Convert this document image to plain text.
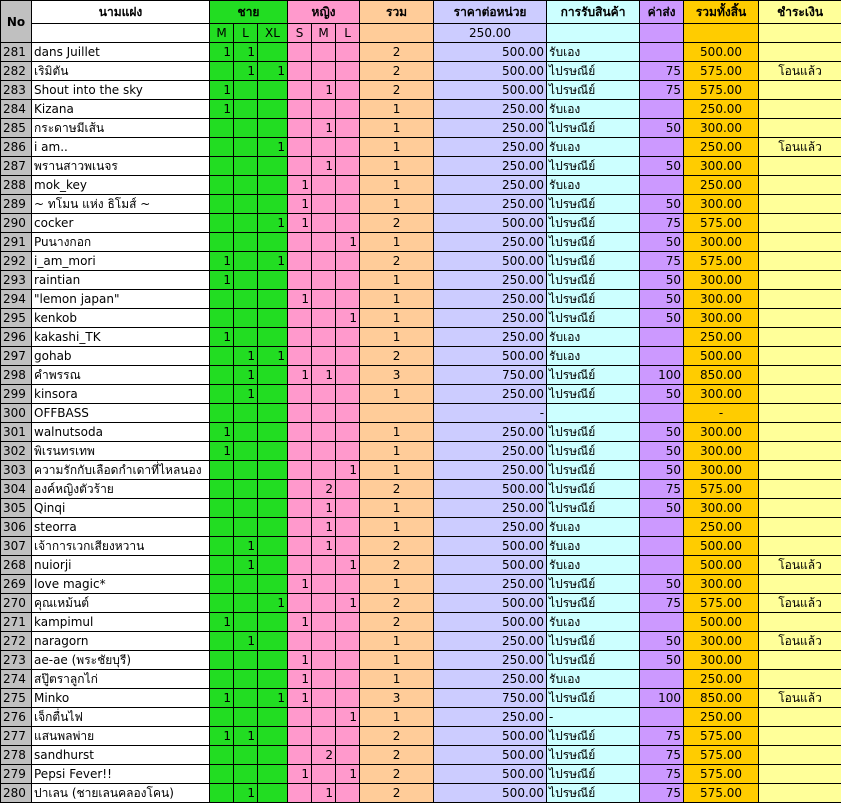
No	นามแฝง	ชาย			หญิง			รวม	ราคาต่อหน่วย	การรับสินค้า	ค่าส่ง	รวมทั้งสิ้น	ชำระเงิน
		M	L	XL	S	M	L		250.00				
281	dans Juillet	1	1					2	500.00	รับเอง		500.00	
282	เริมิตัน		1	1				2	500.00	ไปรษณีย์	75	575.00	โอนแล้ว
283	Shout into the sky	1				1		2	500.00	ไปรษณีย์	75	575.00	
284	Kizana	1						1	250.00	รับเอง		250.00	
285	กระดาษมีเส้น					1		1	250.00	ไปรษณีย์	50	300.00	
286	i am..			1				1	250.00	รับเอง		250.00	โอนแล้ว
287	พรานสาวพเนจร					1		1	250.00	ไปรษณีย์	50	300.00	
288	mok_key				1			1	250.00	รับเอง		250.00	
289	~ ทโมน แห่ง ธิโมส์ ~				1			1	250.00	ไปรษณีย์	50	300.00	
290	cocker			1	1			2	500.00	ไปรษณีย์	75	575.00	
291	Puนางกอก						1	1	250.00	ไปรษณีย์	50	300.00	
292	i_am_mori	1		1				2	500.00	ไปรษณีย์	75	575.00	
293	raintian	1						1	250.00	ไปรษณีย์	50	300.00	
294	"lemon japan"				1			1	250.00	ไปรษณีย์	50	300.00	
295	kenkob						1	1	250.00	ไปรษณีย์	50	300.00	
296	kakashi_TK	1						1	250.00	รับเอง		250.00	
297	gohab		1	1				2	500.00	รับเอง		500.00	
298	คำพรรณ		1		1	1		3	750.00	ไปรษณีย์	100	850.00	
299	kinsora		1					1	250.00	ไปรษณีย์	50	300.00	
300	OFFBASS								-			-	
301	walnutsoda	1						1	250.00	ไปรษณีย์	50	300.00	
302	พิเรนทรเทพ	1						1	250.00	ไปรษณีย์	50	300.00	
303	ความรักกับเลือดกำเดาที่ไหลนอง						1	1	250.00	ไปรษณีย์	50	300.00	
304	องค์หญิงตัวร้าย					2		2	500.00	ไปรษณีย์	75	575.00	
305	Qinqi					1		1	250.00	ไปรษณีย์	50	300.00	
306	steorra					1		1	250.00	รับเอง		250.00	
307	เจ้าการเวกเสียงหวาน		1			1		2	500.00	รับเอง		500.00	
268	nuiorji		1				1	2	500.00	รับเอง		500.00	โอนแล้ว
269	love magic*				1			1	250.00	ไปรษณีย์	50	300.00	
270	คุณเหม้นต์			1			1	2	500.00	ไปรษณีย์	75	575.00	โอนแล้ว
271	kampimul	1			1			2	500.00	รับเอง		500.00	
272	naragorn		1					1	250.00	ไปรษณีย์	50	300.00	โอนแล้ว
273	ae-ae (พระชัยบุรี)				1			1	250.00	ไปรษณีย์	50	300.00	
274	สปู๊ตราลูกไก่				1			1	250.00	รับเอง		250.00	
275	Minko	1		1	1			3	750.00	ไปรษณีย์	100	850.00	โอนแล้ว
276	เจ็กตื่นไฟ						1	1	250.00	-		250.00	
277	แสนพลพ่าย	1	1					2	500.00	ไปรษณีย์	75	575.00	
278	sandhurst					2		2	500.00	ไปรษณีย์	75	575.00	
279	Pepsi Fever!!				1		1	2	500.00	ไปรษณีย์	75	575.00	
280	ปาเลน (ชายเลนคลองโคน)		1			1		2	500.00	ไปรษณีย์	75	575.00	
